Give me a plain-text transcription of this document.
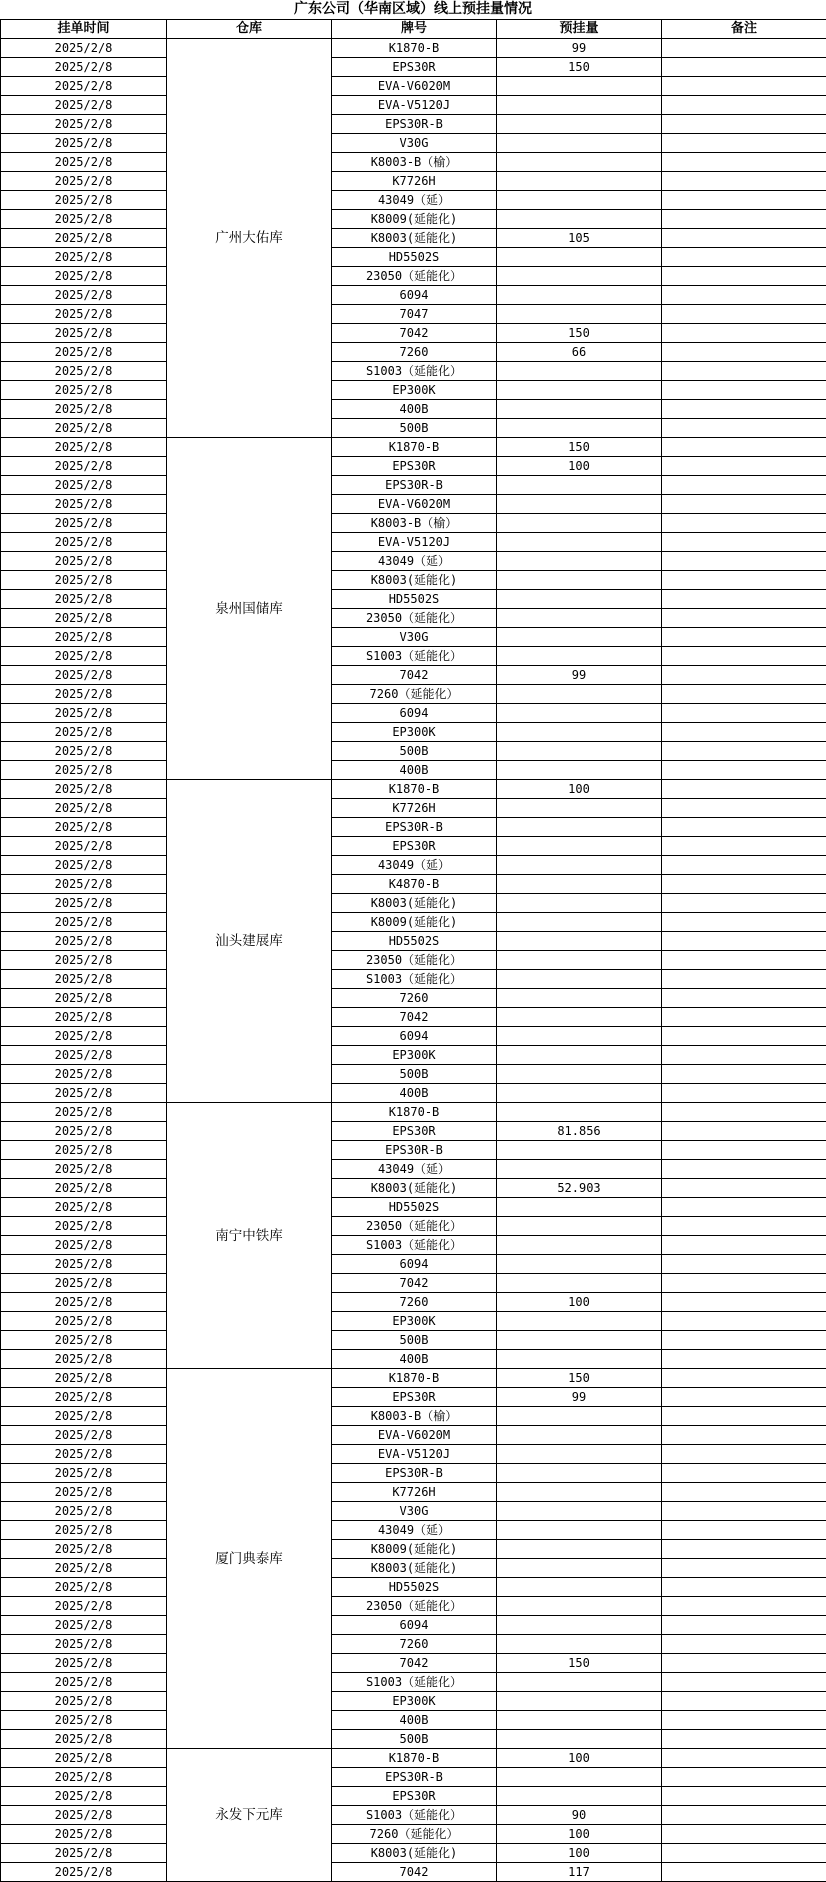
广东公司（华南区域）线上预挂量情况
挂单时间	仓库	牌号	预挂量	备注
2025/2/8	广州大佑库	K1870-B	99	
2025/2/8		EPS30R	150	
2025/2/8		EVA-V6020M		
2025/2/8		EVA-V5120J		
2025/2/8		EPS30R-B		
2025/2/8		V30G		
2025/2/8		K8003-B（榆）		
2025/2/8		K7726H		
2025/2/8		43049（延）		
2025/2/8		K8009(延能化)		
2025/2/8		K8003(延能化)	105	
2025/2/8		HD5502S		
2025/2/8		23050（延能化）		
2025/2/8		6094		
2025/2/8		7047		
2025/2/8		7042	150	
2025/2/8		7260	66	
2025/2/8		S1003（延能化）		
2025/2/8		EP300K		
2025/2/8		400B		
2025/2/8		500B		
2025/2/8	泉州国储库	K1870-B	150	
2025/2/8		EPS30R	100	
2025/2/8		EPS30R-B		
2025/2/8		EVA-V6020M		
2025/2/8		K8003-B（榆）		
2025/2/8		EVA-V5120J		
2025/2/8		43049（延）		
2025/2/8		K8003(延能化)		
2025/2/8		HD5502S		
2025/2/8		23050（延能化）		
2025/2/8		V30G		
2025/2/8		S1003（延能化）		
2025/2/8		7042	99	
2025/2/8		7260（延能化）		
2025/2/8		6094		
2025/2/8		EP300K		
2025/2/8		500B		
2025/2/8		400B		
2025/2/8	汕头建展库	K1870-B	100	
2025/2/8		K7726H		
2025/2/8		EPS30R-B		
2025/2/8		EPS30R		
2025/2/8		43049（延）		
2025/2/8		K4870-B		
2025/2/8		K8003(延能化)		
2025/2/8		K8009(延能化)		
2025/2/8		HD5502S		
2025/2/8		23050（延能化）		
2025/2/8		S1003（延能化）		
2025/2/8		7260		
2025/2/8		7042		
2025/2/8		6094		
2025/2/8		EP300K		
2025/2/8		500B		
2025/2/8		400B		
2025/2/8	南宁中铁库	K1870-B		
2025/2/8		EPS30R	81.856	
2025/2/8		EPS30R-B		
2025/2/8		43049（延）		
2025/2/8		K8003(延能化)	52.903	
2025/2/8		HD5502S		
2025/2/8		23050（延能化）		
2025/2/8		S1003（延能化）		
2025/2/8		6094		
2025/2/8		7042		
2025/2/8		7260	100	
2025/2/8		EP300K		
2025/2/8		500B		
2025/2/8		400B		
2025/2/8	厦门典泰库	K1870-B	150	
2025/2/8		EPS30R	99	
2025/2/8		K8003-B（榆）		
2025/2/8		EVA-V6020M		
2025/2/8		EVA-V5120J		
2025/2/8		EPS30R-B		
2025/2/8		K7726H		
2025/2/8		V30G		
2025/2/8		43049（延）		
2025/2/8		K8009(延能化)		
2025/2/8		K8003(延能化)		
2025/2/8		HD5502S		
2025/2/8		23050（延能化）		
2025/2/8		6094		
2025/2/8		7260		
2025/2/8		7042	150	
2025/2/8		S1003（延能化）		
2025/2/8		EP300K		
2025/2/8		400B		
2025/2/8		500B		
2025/2/8	永发下元库	K1870-B	100	
2025/2/8		EPS30R-B		
2025/2/8		EPS30R		
2025/2/8		S1003（延能化）	90	
2025/2/8		7260（延能化）	100	
2025/2/8		K8003(延能化)	100	
2025/2/8		7042	117	
